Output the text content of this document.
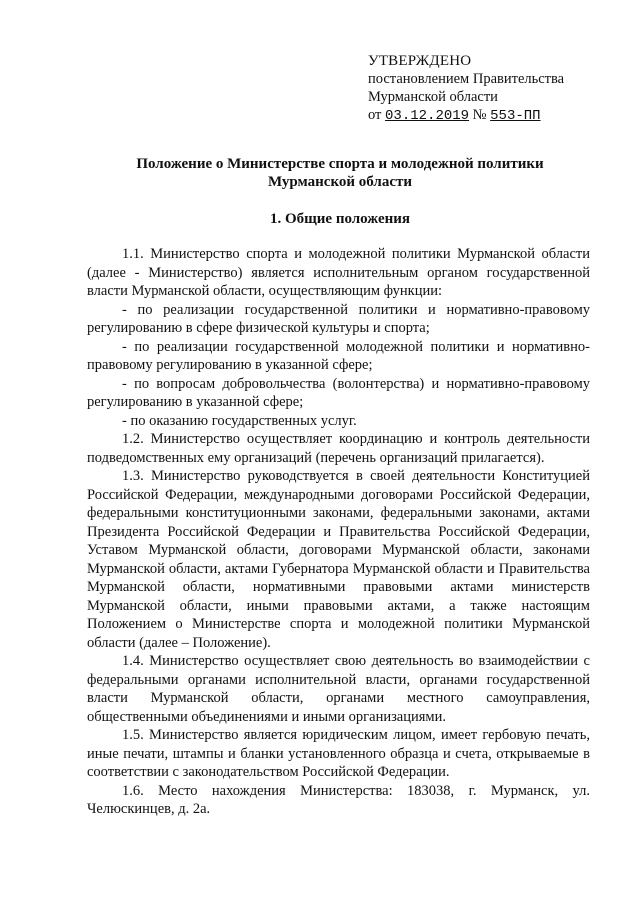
УТВЕРЖДЕНО
постановлением Правительства
Мурманской области
от 03.12.2019 № 553-ПП
Положение о Министерстве спорта и молодежной политики
Мурманской области
1. Общие положения

1.1. Министерство спорта и молодежной политики Мурманской области (далее - Министерство) является исполнительным органом государственной власти Мурманской области, осуществляющим функции:

- по реализации государственной политики и нормативно-правовому регулированию в сфере физической культуры и спорта;

- по реализации государственной молодежной политики и нормативно-правовому регулированию в указанной сфере;

- по вопросам добровольчества (волонтерства) и нормативно-правовому регулированию в указанной сфере;

- по оказанию государственных услуг.

1.2. Министерство осуществляет координацию и контроль деятельности подведомственных ему организаций (перечень организаций прилагается).

1.3. Министерство руководствуется в своей деятельности Конституцией Российской Федерации, международными договорами Российской Федерации, федеральными конституционными законами, федеральными законами, актами Президента Российской Федерации и Правительства Российской Федерации, Уставом Мурманской области, договорами Мурманской области, законами Мурманской области, актами Губернатора Мурманской области и Правительства Мурманской области, нормативными правовыми актами министерств Мурманской области, иными правовыми актами, а также настоящим Положением о Министерстве спорта и молодежной политики Мурманской области (далее – Положение).

1.4. Министерство осуществляет свою деятельность во взаимодействии с федеральными органами исполнительной власти, органами государственной власти Мурманской области, органами местного самоуправления, общественными объединениями и иными организациями.

1.5. Министерство является юридическим лицом, имеет гербовую печать, иные печати, штампы и бланки установленного образца и счета, открываемые в соответствии с законодательством Российской Федерации.

1.6. Место нахождения Министерства: 183038, г. Мурманск, ул. Челюскинцев, д. 2а.
